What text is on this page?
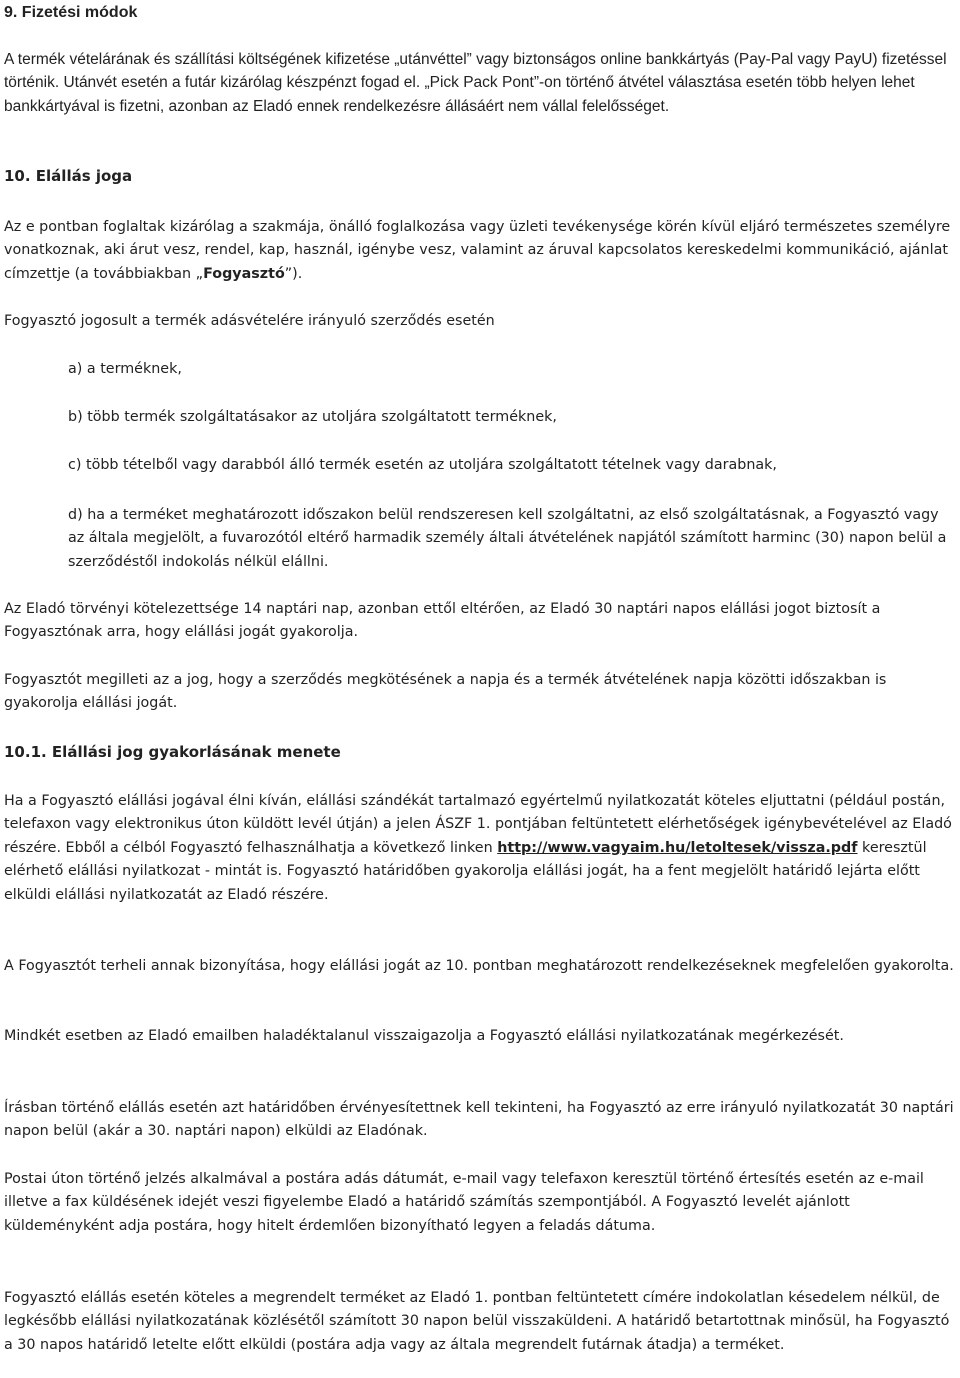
9. Fizetési módok
A termék vételárának és szállítási költségének kifizetése „utánvéttel” vagy biztonságos online bankkártyás (Pay-Pal vagy PayU) fizetéssel történik. Utánvét esetén a futár kizárólag készpénzt fogad el. „Pick Pack Pont”-on történő átvétel választása esetén több helyen lehet bankkártyával is fizetni, azonban az Eladó ennek rendelkezésre állásáért nem vállal felelősséget.
10. Elállás joga
Az e pontban foglaltak kizárólag a szakmája, önálló foglalkozása vagy üzleti tevékenysége körén kívül eljáró természetes személyre vonatkoznak, aki árut vesz, rendel, kap, használ, igénybe vesz, valamint az áruval kapcsolatos kereskedelmi kommunikáció, ajánlat címzettje (a továbbiakban „Fogyasztó”).
Fogyasztó jogosult a termék adásvételére irányuló szerződés esetén
a) a terméknek,
b) több termék szolgáltatásakor az utoljára szolgáltatott terméknek,
c) több tételből vagy darabból álló termék esetén az utoljára szolgáltatott tételnek vagy darabnak,
d) ha a terméket meghatározott időszakon belül rendszeresen kell szolgáltatni, az első szolgáltatásnak, a Fogyasztó vagy az általa megjelölt, a fuvarozótól eltérő harmadik személy általi átvételének napjától számított harminc (30) napon belül a szerződéstől indokolás nélkül elállni.
Az Eladó törvényi kötelezettsége 14 naptári nap, azonban ettől eltérően, az Eladó 30 naptári napos elállási jogot biztosít a Fogyasztónak arra, hogy elállási jogát gyakorolja.
Fogyasztót megilleti az a jog, hogy a szerződés megkötésének a napja és a termék átvételének napja közötti időszakban is gyakorolja elállási jogát.
10.1. Elállási jog gyakorlásának menete
Ha a Fogyasztó elállási jogával élni kíván, elállási szándékát tartalmazó egyértelmű nyilatkozatát köteles eljuttatni (például postán, telefaxon vagy elektronikus úton küldött levél útján) a jelen ÁSZF 1. pontjában feltüntetett elérhetőségek igénybevételével az Eladó részére. Ebből a célból Fogyasztó felhasználhatja a következő linken http://www.vagyaim.hu/letoltesek/vissza.pdf keresztül elérhető elállási nyilatkozat - mintát is. Fogyasztó határidőben gyakorolja elállási jogát, ha a fent megjelölt határidő lejárta előtt elküldi elállási nyilatkozatát az Eladó részére.
A Fogyasztót terheli annak bizonyítása, hogy elállási jogát az 10. pontban meghatározott rendelkezéseknek megfelelően gyakorolta.
Mindkét esetben az Eladó emailben haladéktalanul visszaigazolja a Fogyasztó elállási nyilatkozatának megérkezését.
Írásban történő elállás esetén azt határidőben érvényesítettnek kell tekinteni, ha Fogyasztó az erre irányuló nyilatkozatát 30 naptári napon belül (akár a 30. naptári napon) elküldi az Eladónak.
Postai úton történő jelzés alkalmával a postára adás dátumát, e-mail vagy telefaxon keresztül történő értesítés esetén az e-mail illetve a fax küldésének idejét veszi figyelembe Eladó a határidő számítás szempontjából. A Fogyasztó levelét ajánlott küldeményként adja postára, hogy hitelt érdemlően bizonyítható legyen a feladás dátuma.
Fogyasztó elállás esetén köteles a megrendelt terméket az Eladó 1. pontban feltüntetett címére indokolatlan késedelem nélkül, de legkésőbb elállási nyilatkozatának közlésétől számított 30 napon belül visszaküldeni. A határidő betartottnak minősül, ha Fogyasztó a 30 napos határidő letelte előtt elküldi (postára adja vagy az általa megrendelt futárnak átadja) a terméket.
